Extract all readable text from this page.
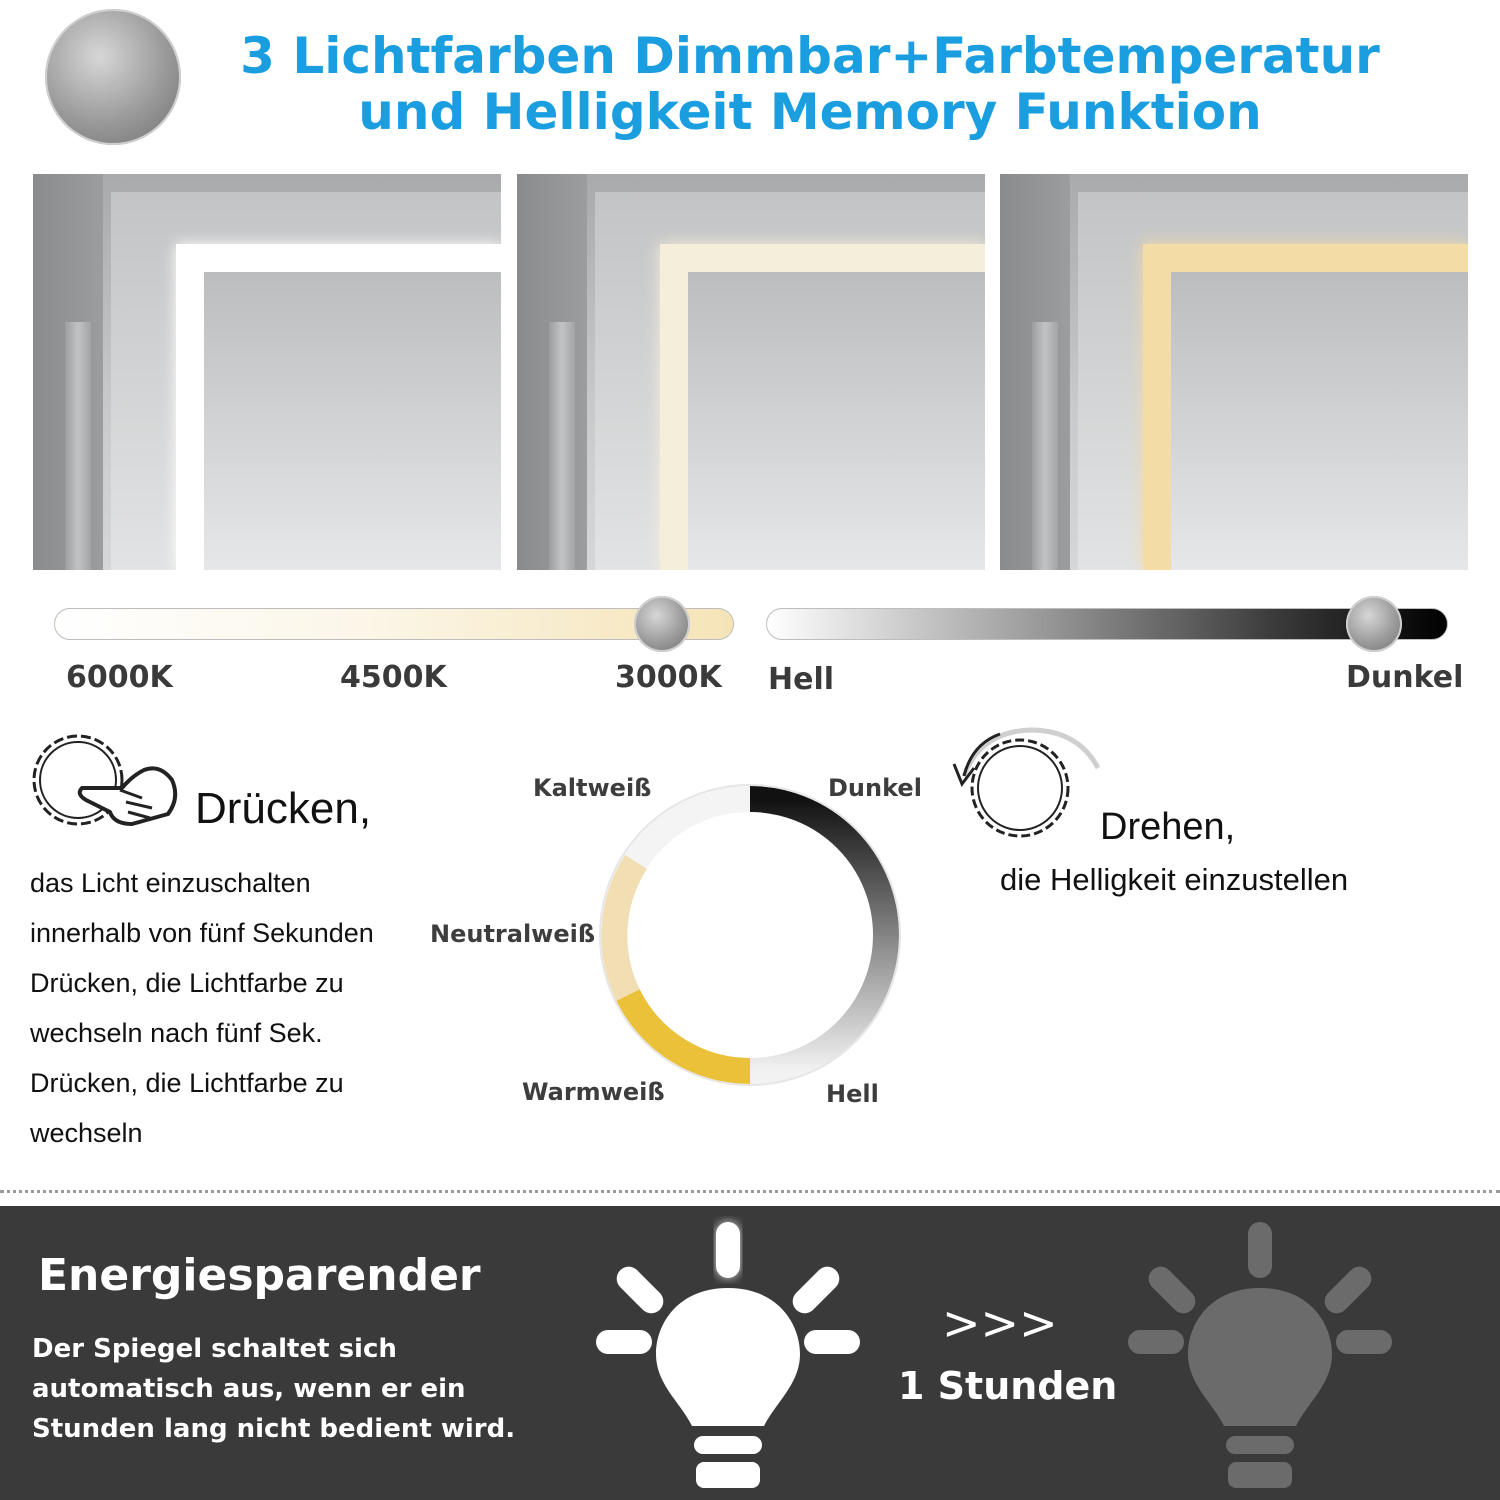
3 Lichtfarben Dimmbar+Farbtemperatur
und Helligkeit Memory Funktion
6000K	4500K	3000K Hell	Dunkel
Drücken,
das Licht einzuschalten
innerhalb von fünf Sekunden
Drücken, die Lichtfarbe zu
wechseln nach fünf Sek.
Drücken, die Lichtfarbe zu
wechseln
Kaltweiß	Dunkel
Neutralweiß
Warmweiß	Hell
Drehen,
die Helligkeit einzustellen
Energiesparender
Der Spiegel schaltet sich
automatisch aus, wenn er ein
Stunden lang nicht bedient wird.
>>>
1 Stunden
